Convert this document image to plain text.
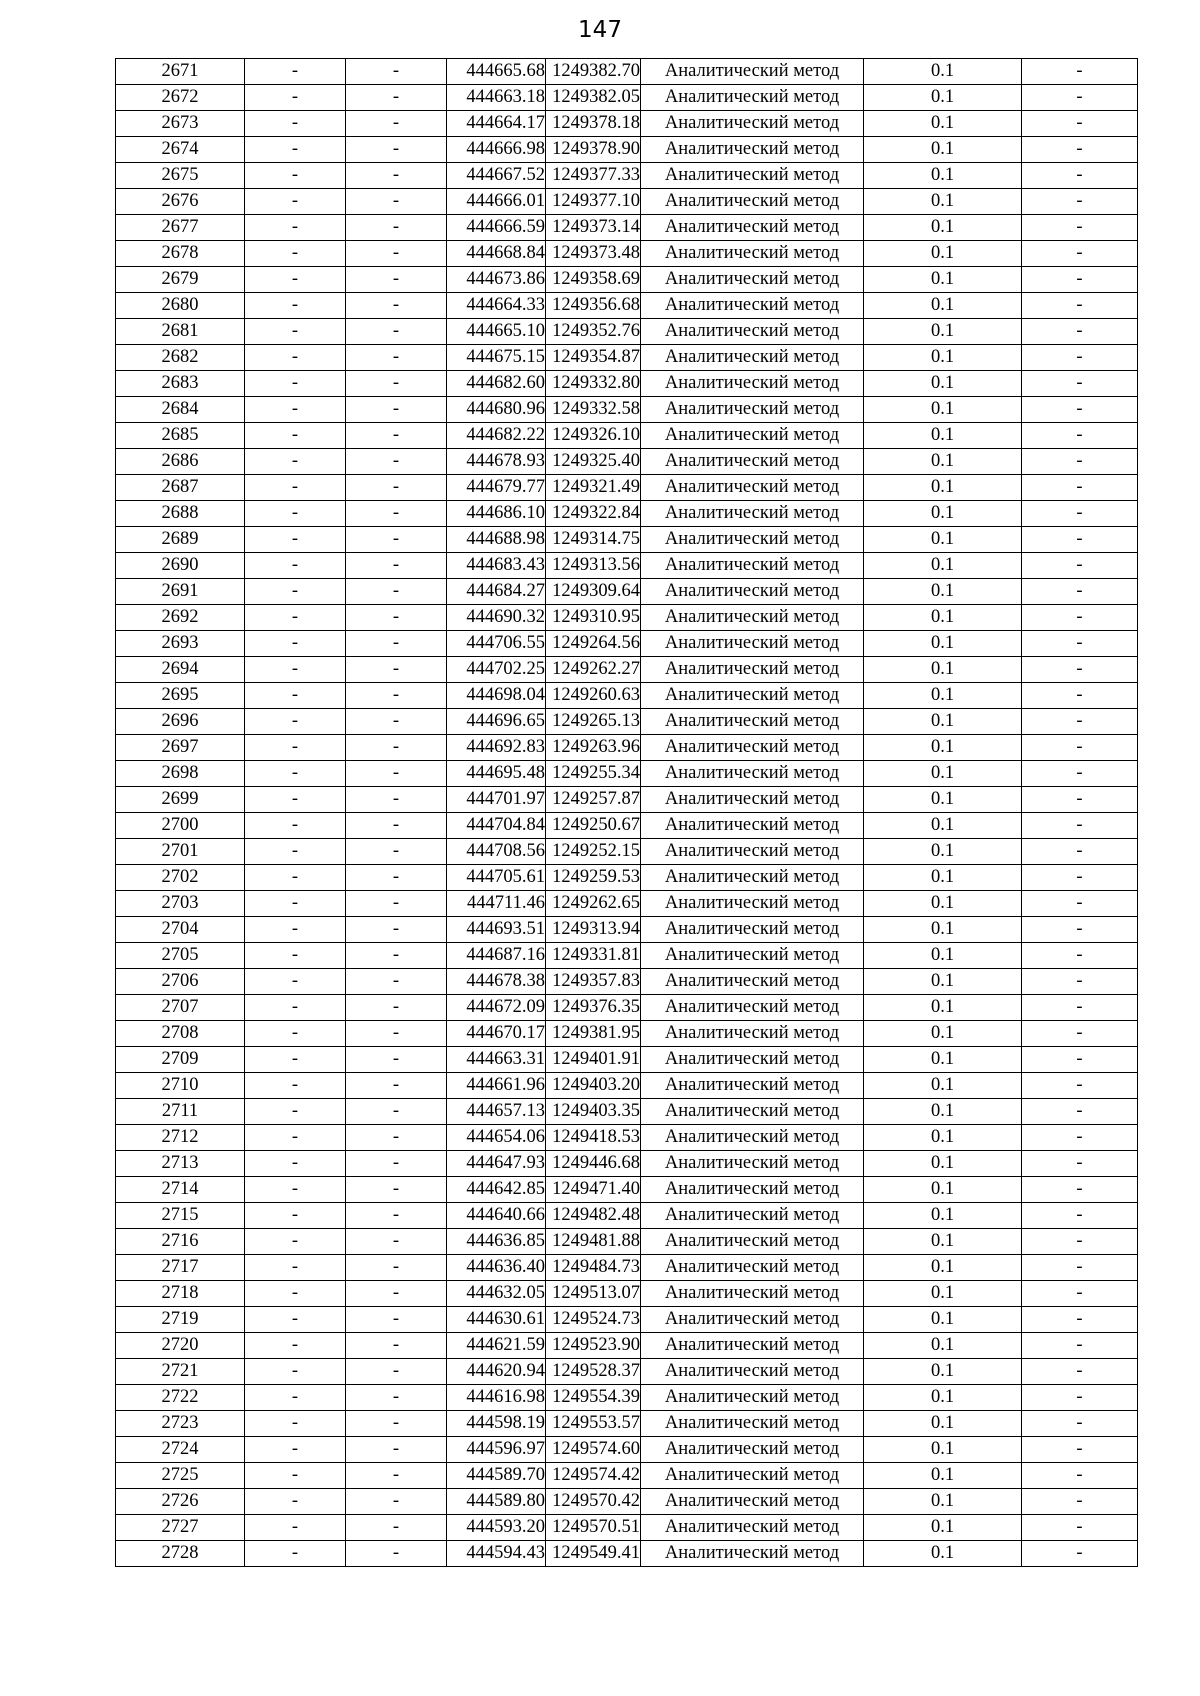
147
2671	-	-	444665.68	1249382.70	Аналитический метод	0.1	-
2672	-	-	444663.18	1249382.05	Аналитический метод	0.1	-
2673	-	-	444664.17	1249378.18	Аналитический метод	0.1	-
2674	-	-	444666.98	1249378.90	Аналитический метод	0.1	-
2675	-	-	444667.52	1249377.33	Аналитический метод	0.1	-
2676	-	-	444666.01	1249377.10	Аналитический метод	0.1	-
2677	-	-	444666.59	1249373.14	Аналитический метод	0.1	-
2678	-	-	444668.84	1249373.48	Аналитический метод	0.1	-
2679	-	-	444673.86	1249358.69	Аналитический метод	0.1	-
2680	-	-	444664.33	1249356.68	Аналитический метод	0.1	-
2681	-	-	444665.10	1249352.76	Аналитический метод	0.1	-
2682	-	-	444675.15	1249354.87	Аналитический метод	0.1	-
2683	-	-	444682.60	1249332.80	Аналитический метод	0.1	-
2684	-	-	444680.96	1249332.58	Аналитический метод	0.1	-
2685	-	-	444682.22	1249326.10	Аналитический метод	0.1	-
2686	-	-	444678.93	1249325.40	Аналитический метод	0.1	-
2687	-	-	444679.77	1249321.49	Аналитический метод	0.1	-
2688	-	-	444686.10	1249322.84	Аналитический метод	0.1	-
2689	-	-	444688.98	1249314.75	Аналитический метод	0.1	-
2690	-	-	444683.43	1249313.56	Аналитический метод	0.1	-
2691	-	-	444684.27	1249309.64	Аналитический метод	0.1	-
2692	-	-	444690.32	1249310.95	Аналитический метод	0.1	-
2693	-	-	444706.55	1249264.56	Аналитический метод	0.1	-
2694	-	-	444702.25	1249262.27	Аналитический метод	0.1	-
2695	-	-	444698.04	1249260.63	Аналитический метод	0.1	-
2696	-	-	444696.65	1249265.13	Аналитический метод	0.1	-
2697	-	-	444692.83	1249263.96	Аналитический метод	0.1	-
2698	-	-	444695.48	1249255.34	Аналитический метод	0.1	-
2699	-	-	444701.97	1249257.87	Аналитический метод	0.1	-
2700	-	-	444704.84	1249250.67	Аналитический метод	0.1	-
2701	-	-	444708.56	1249252.15	Аналитический метод	0.1	-
2702	-	-	444705.61	1249259.53	Аналитический метод	0.1	-
2703	-	-	444711.46	1249262.65	Аналитический метод	0.1	-
2704	-	-	444693.51	1249313.94	Аналитический метод	0.1	-
2705	-	-	444687.16	1249331.81	Аналитический метод	0.1	-
2706	-	-	444678.38	1249357.83	Аналитический метод	0.1	-
2707	-	-	444672.09	1249376.35	Аналитический метод	0.1	-
2708	-	-	444670.17	1249381.95	Аналитический метод	0.1	-
2709	-	-	444663.31	1249401.91	Аналитический метод	0.1	-
2710	-	-	444661.96	1249403.20	Аналитический метод	0.1	-
2711	-	-	444657.13	1249403.35	Аналитический метод	0.1	-
2712	-	-	444654.06	1249418.53	Аналитический метод	0.1	-
2713	-	-	444647.93	1249446.68	Аналитический метод	0.1	-
2714	-	-	444642.85	1249471.40	Аналитический метод	0.1	-
2715	-	-	444640.66	1249482.48	Аналитический метод	0.1	-
2716	-	-	444636.85	1249481.88	Аналитический метод	0.1	-
2717	-	-	444636.40	1249484.73	Аналитический метод	0.1	-
2718	-	-	444632.05	1249513.07	Аналитический метод	0.1	-
2719	-	-	444630.61	1249524.73	Аналитический метод	0.1	-
2720	-	-	444621.59	1249523.90	Аналитический метод	0.1	-
2721	-	-	444620.94	1249528.37	Аналитический метод	0.1	-
2722	-	-	444616.98	1249554.39	Аналитический метод	0.1	-
2723	-	-	444598.19	1249553.57	Аналитический метод	0.1	-
2724	-	-	444596.97	1249574.60	Аналитический метод	0.1	-
2725	-	-	444589.70	1249574.42	Аналитический метод	0.1	-
2726	-	-	444589.80	1249570.42	Аналитический метод	0.1	-
2727	-	-	444593.20	1249570.51	Аналитический метод	0.1	-
2728	-	-	444594.43	1249549.41	Аналитический метод	0.1	-
